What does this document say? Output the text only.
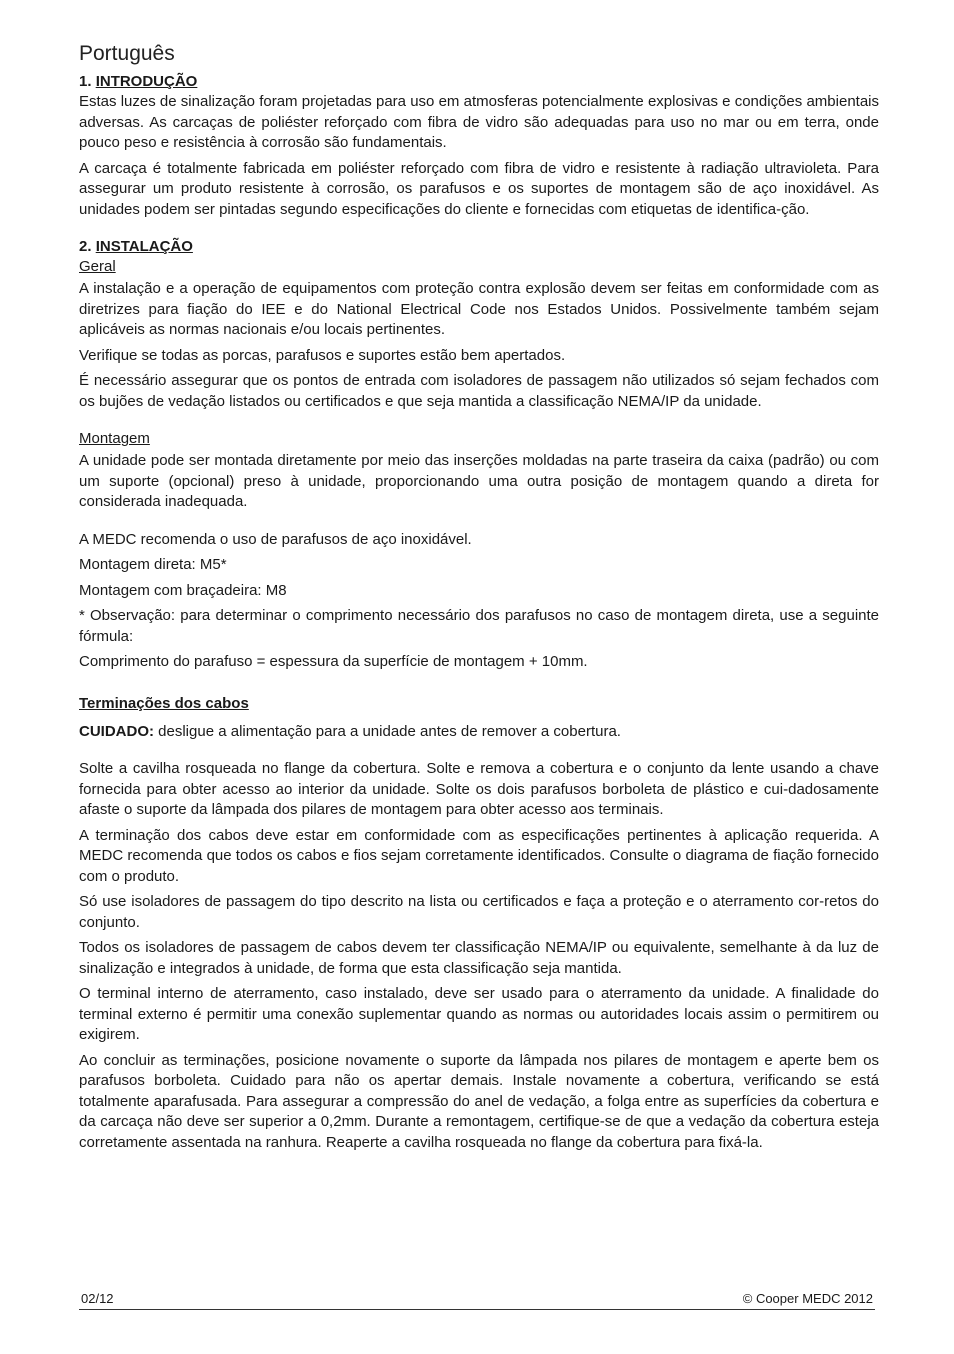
Português
1. INTRODUÇÃO

Estas luzes de sinalização foram projetadas para uso em atmosferas potencialmente explosivas e condições ambientais adversas. As carcaças de poliéster reforçado com fibra de vidro são adequadas para uso no mar ou em terra, onde pouco peso e resistência à corrosão são fundamentais.

A carcaça é totalmente fabricada em poliéster reforçado com fibra de vidro e resistente à radiação ultravioleta. Para assegurar um produto resistente à corrosão, os parafusos e os suportes de montagem são de aço inoxidável. As unidades podem ser pintadas segundo especificações do cliente e fornecidas com etiquetas de identifica-ção.

2. INSTALAÇÃO
Geral

A instalação e a operação de equipamentos com proteção contra explosão devem ser feitas em conformidade com as diretrizes para fiação do IEE e do National Electrical Code nos Estados Unidos. Possivelmente também sejam aplicáveis as normas nacionais e/ou locais pertinentes.

Verifique se todas as porcas, parafusos e suportes estão bem apertados.

É necessário assegurar que os pontos de entrada com isoladores de passagem não utilizados só sejam fechados com os bujões de vedação listados ou certificados e que seja mantida a classificação NEMA/IP da unidade.

Montagem

A unidade pode ser montada diretamente por meio das inserções moldadas na parte traseira da caixa (padrão) ou com um suporte (opcional) preso à unidade, proporcionando uma outra posição de montagem quando a direta for considerada inadequada.

A MEDC recomenda o uso de parafusos de aço inoxidável.

Montagem direta: M5*

Montagem com braçadeira: M8

* Observação: para determinar o comprimento necessário dos parafusos no caso de montagem direta, use a seguinte fórmula:

Comprimento do parafuso = espessura da superfície de montagem + 10mm.

Terminações dos cabos

CUIDADO: desligue a alimentação para a unidade antes de remover a cobertura.

Solte a cavilha rosqueada no flange da cobertura. Solte e remova a cobertura e o conjunto da lente usando a chave fornecida para obter acesso ao interior da unidade. Solte os dois parafusos borboleta de plástico e cui-dadosamente afaste o suporte da lâmpada dos pilares de montagem para obter acesso aos terminais.

A terminação dos cabos deve estar em conformidade com as especificações pertinentes à aplicação requerida. A MEDC recomenda que todos os cabos e fios sejam corretamente identificados. Consulte o diagrama de fiação fornecido com o produto.

Só use isoladores de passagem do tipo descrito na lista ou certificados e faça a proteção e o aterramento cor-retos do conjunto.

Todos os isoladores de passagem de cabos devem ter classificação NEMA/IP ou equivalente, semelhante à da luz de sinalização e integrados à unidade, de forma que esta classificação seja mantida.

O terminal interno de aterramento, caso instalado, deve ser usado para o aterramento da unidade. A finalidade do terminal externo é permitir uma conexão suplementar quando as normas ou autoridades locais assim o permitirem ou exigirem.

Ao concluir as terminações, posicione novamente o suporte da lâmpada nos pilares de montagem e aperte bem os parafusos borboleta. Cuidado para não os apertar demais. Instale novamente a cobertura, verificando se está totalmente aparafusada. Para assegurar a compressão do anel de vedação, a folga entre as superfícies da cobertura e da carcaça não deve ser superior a 0,2mm. Durante a remontagem, certifique-se de que a vedação da cobertura esteja corretamente assentada na ranhura. Reaperte a cavilha rosqueada no flange da cobertura para fixá-la.

02/12	© Cooper MEDC 2012
